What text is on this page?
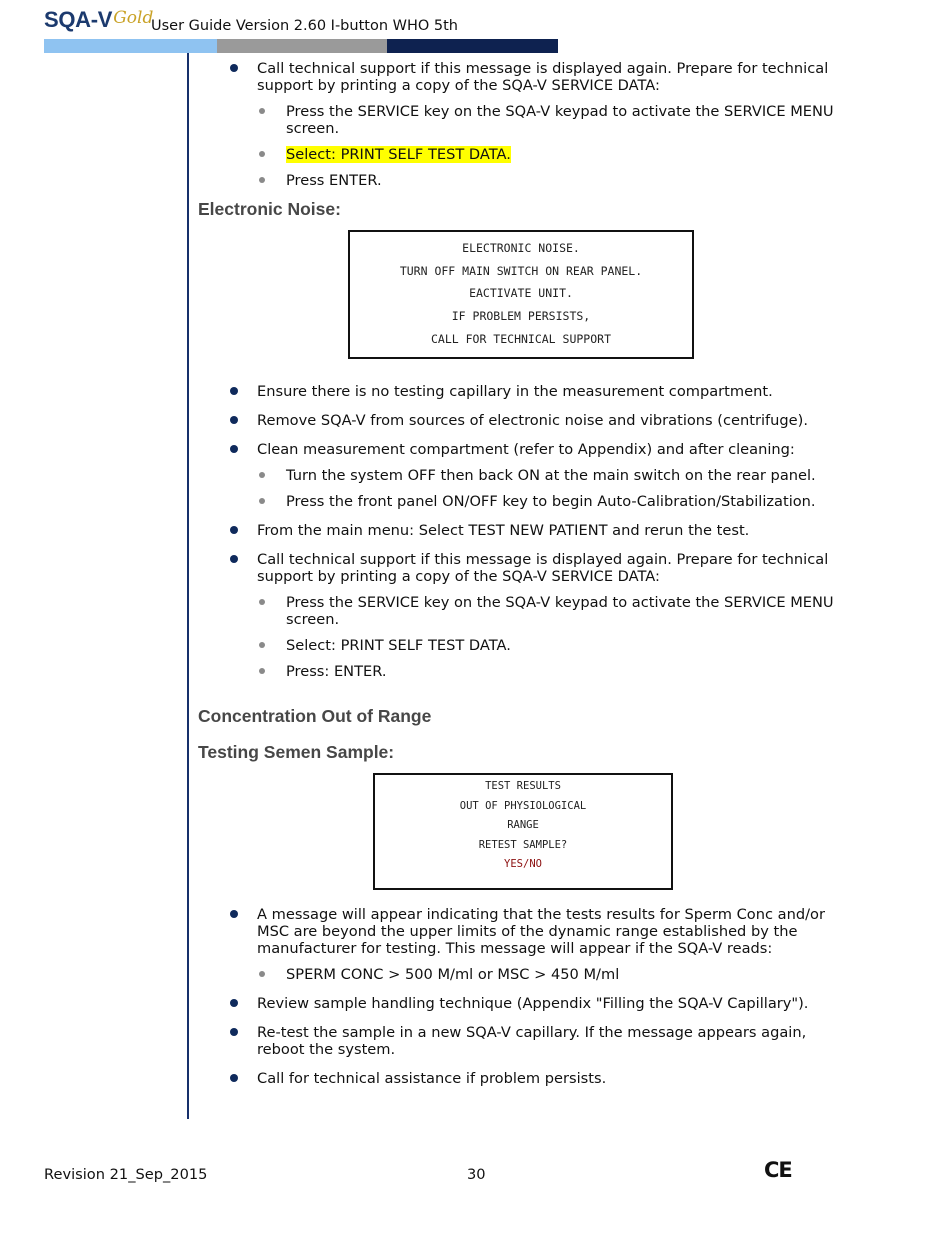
SQA-VGold
User Guide Version 2.60 I-button WHO 5th
Call technical support if this message is displayed again. Prepare for technical support by printing a copy of the SQA-V SERVICE DATA:
Press the SERVICE key on the SQA-V keypad to activate the SERVICE MENU screen.
Select: PRINT SELF TEST DATA.
Press ENTER.
Electronic Noise:
ELECTRONIC NOISE.
TURN OFF MAIN SWITCH ON REAR PANEL.
EACTIVATE UNIT.
IF PROBLEM PERSISTS,
CALL FOR TECHNICAL SUPPORT
Ensure there is no testing capillary in the measurement compartment.
Remove SQA-V from sources of electronic noise and vibrations (centrifuge).
Clean measurement compartment (refer to Appendix) and after cleaning:
Turn the system OFF then back ON at the main switch on the rear panel.
Press the front panel ON/OFF key to begin Auto-Calibration/Stabilization.
From the main menu: Select TEST NEW PATIENT and rerun the test.
Call technical support if this message is displayed again. Prepare for technical support by printing a copy of the SQA-V SERVICE DATA:
Press the SERVICE key on the SQA-V keypad to activate the SERVICE MENU screen.
Select: PRINT SELF TEST DATA.
Press: ENTER.
Concentration Out of Range
Testing Semen Sample:
TEST RESULTS
OUT OF PHYSIOLOGICAL
RANGE
RETEST SAMPLE?
YES/NO
A message will appear indicating that the tests results for Sperm Conc and/or MSC are beyond the upper limits of the dynamic range established by the manufacturer for testing. This message will appear if the SQA-V reads:
SPERM CONC > 500 M/ml or MSC > 450 M/ml
Review sample handling technique (Appendix "Filling the SQA-V Capillary").
Re-test the sample in a new SQA-V capillary. If the message appears again, reboot the system.
Call for technical assistance if problem persists.
Revision 21_Sep_2015	30	CE
